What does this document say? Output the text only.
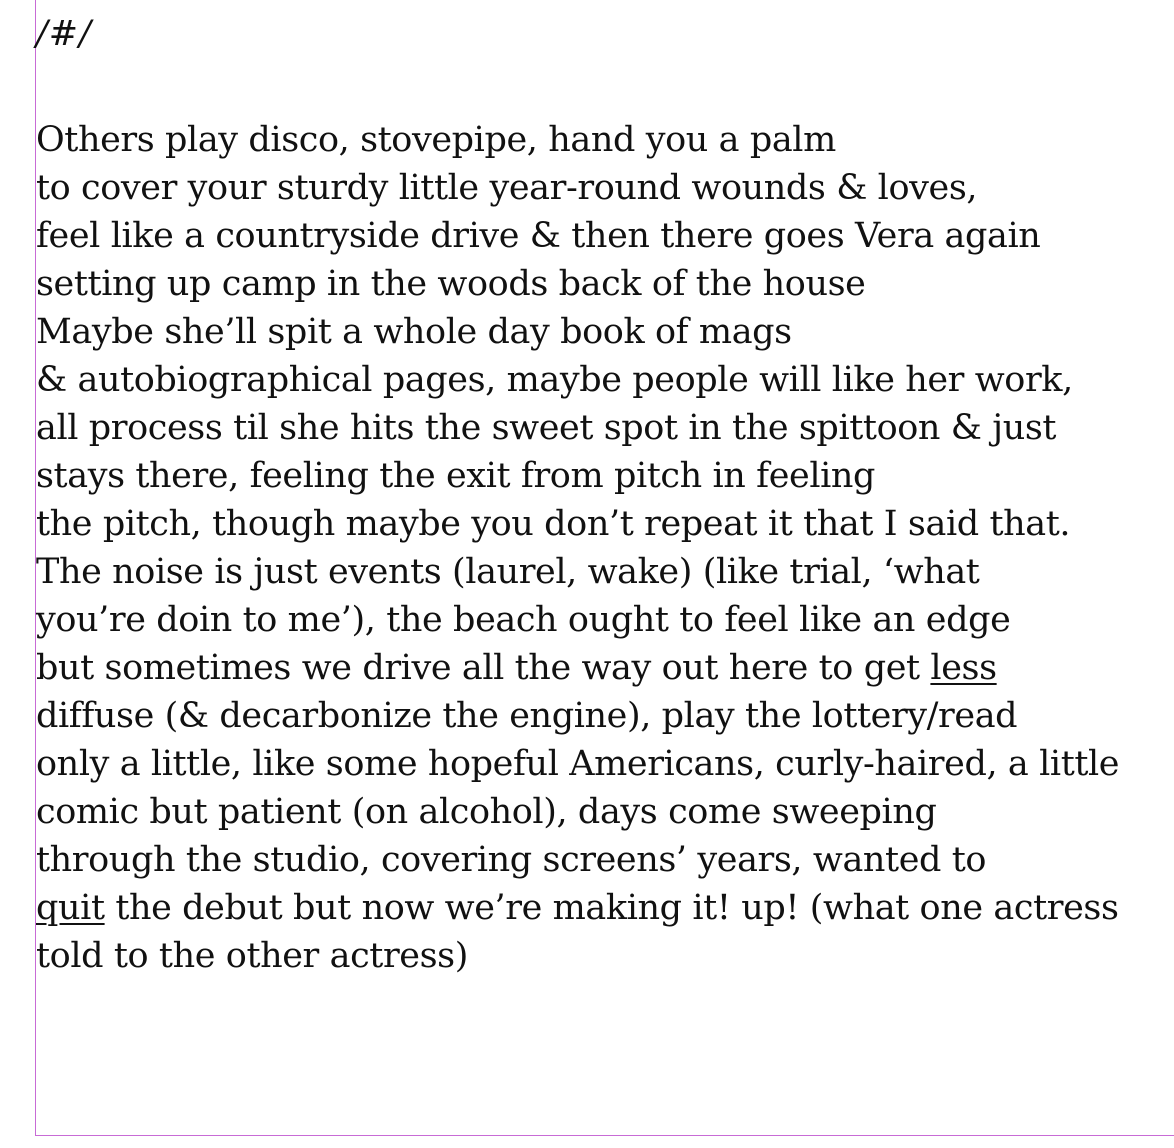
/#/

Others play disco, stovepipe, hand you a palm
to cover your sturdy little year-round wounds & loves,
feel like a countryside drive & then there goes Vera again
setting up camp in the woods back of the house
Maybe she’ll spit a whole day book of mags
& autobiographical pages, maybe people will like her work,
all process til she hits the sweet spot in the spittoon & just
stays there, feeling the exit from pitch in feeling
the pitch, though maybe you don’t repeat it that I said that.
The noise is just events (laurel, wake) (like trial, ‘what
you’re doin to me’), the beach ought to feel like an edge
but sometimes we drive all the way out here to get less
diffuse (& decarbonize the engine), play the lottery/read
only a little, like some hopeful Americans, curly-haired, a little
comic but patient (on alcohol), days come sweeping
through the studio, covering screens’ years, wanted to
quit the debut but now we’re making it! up! (what one actress
told to the other actress)
